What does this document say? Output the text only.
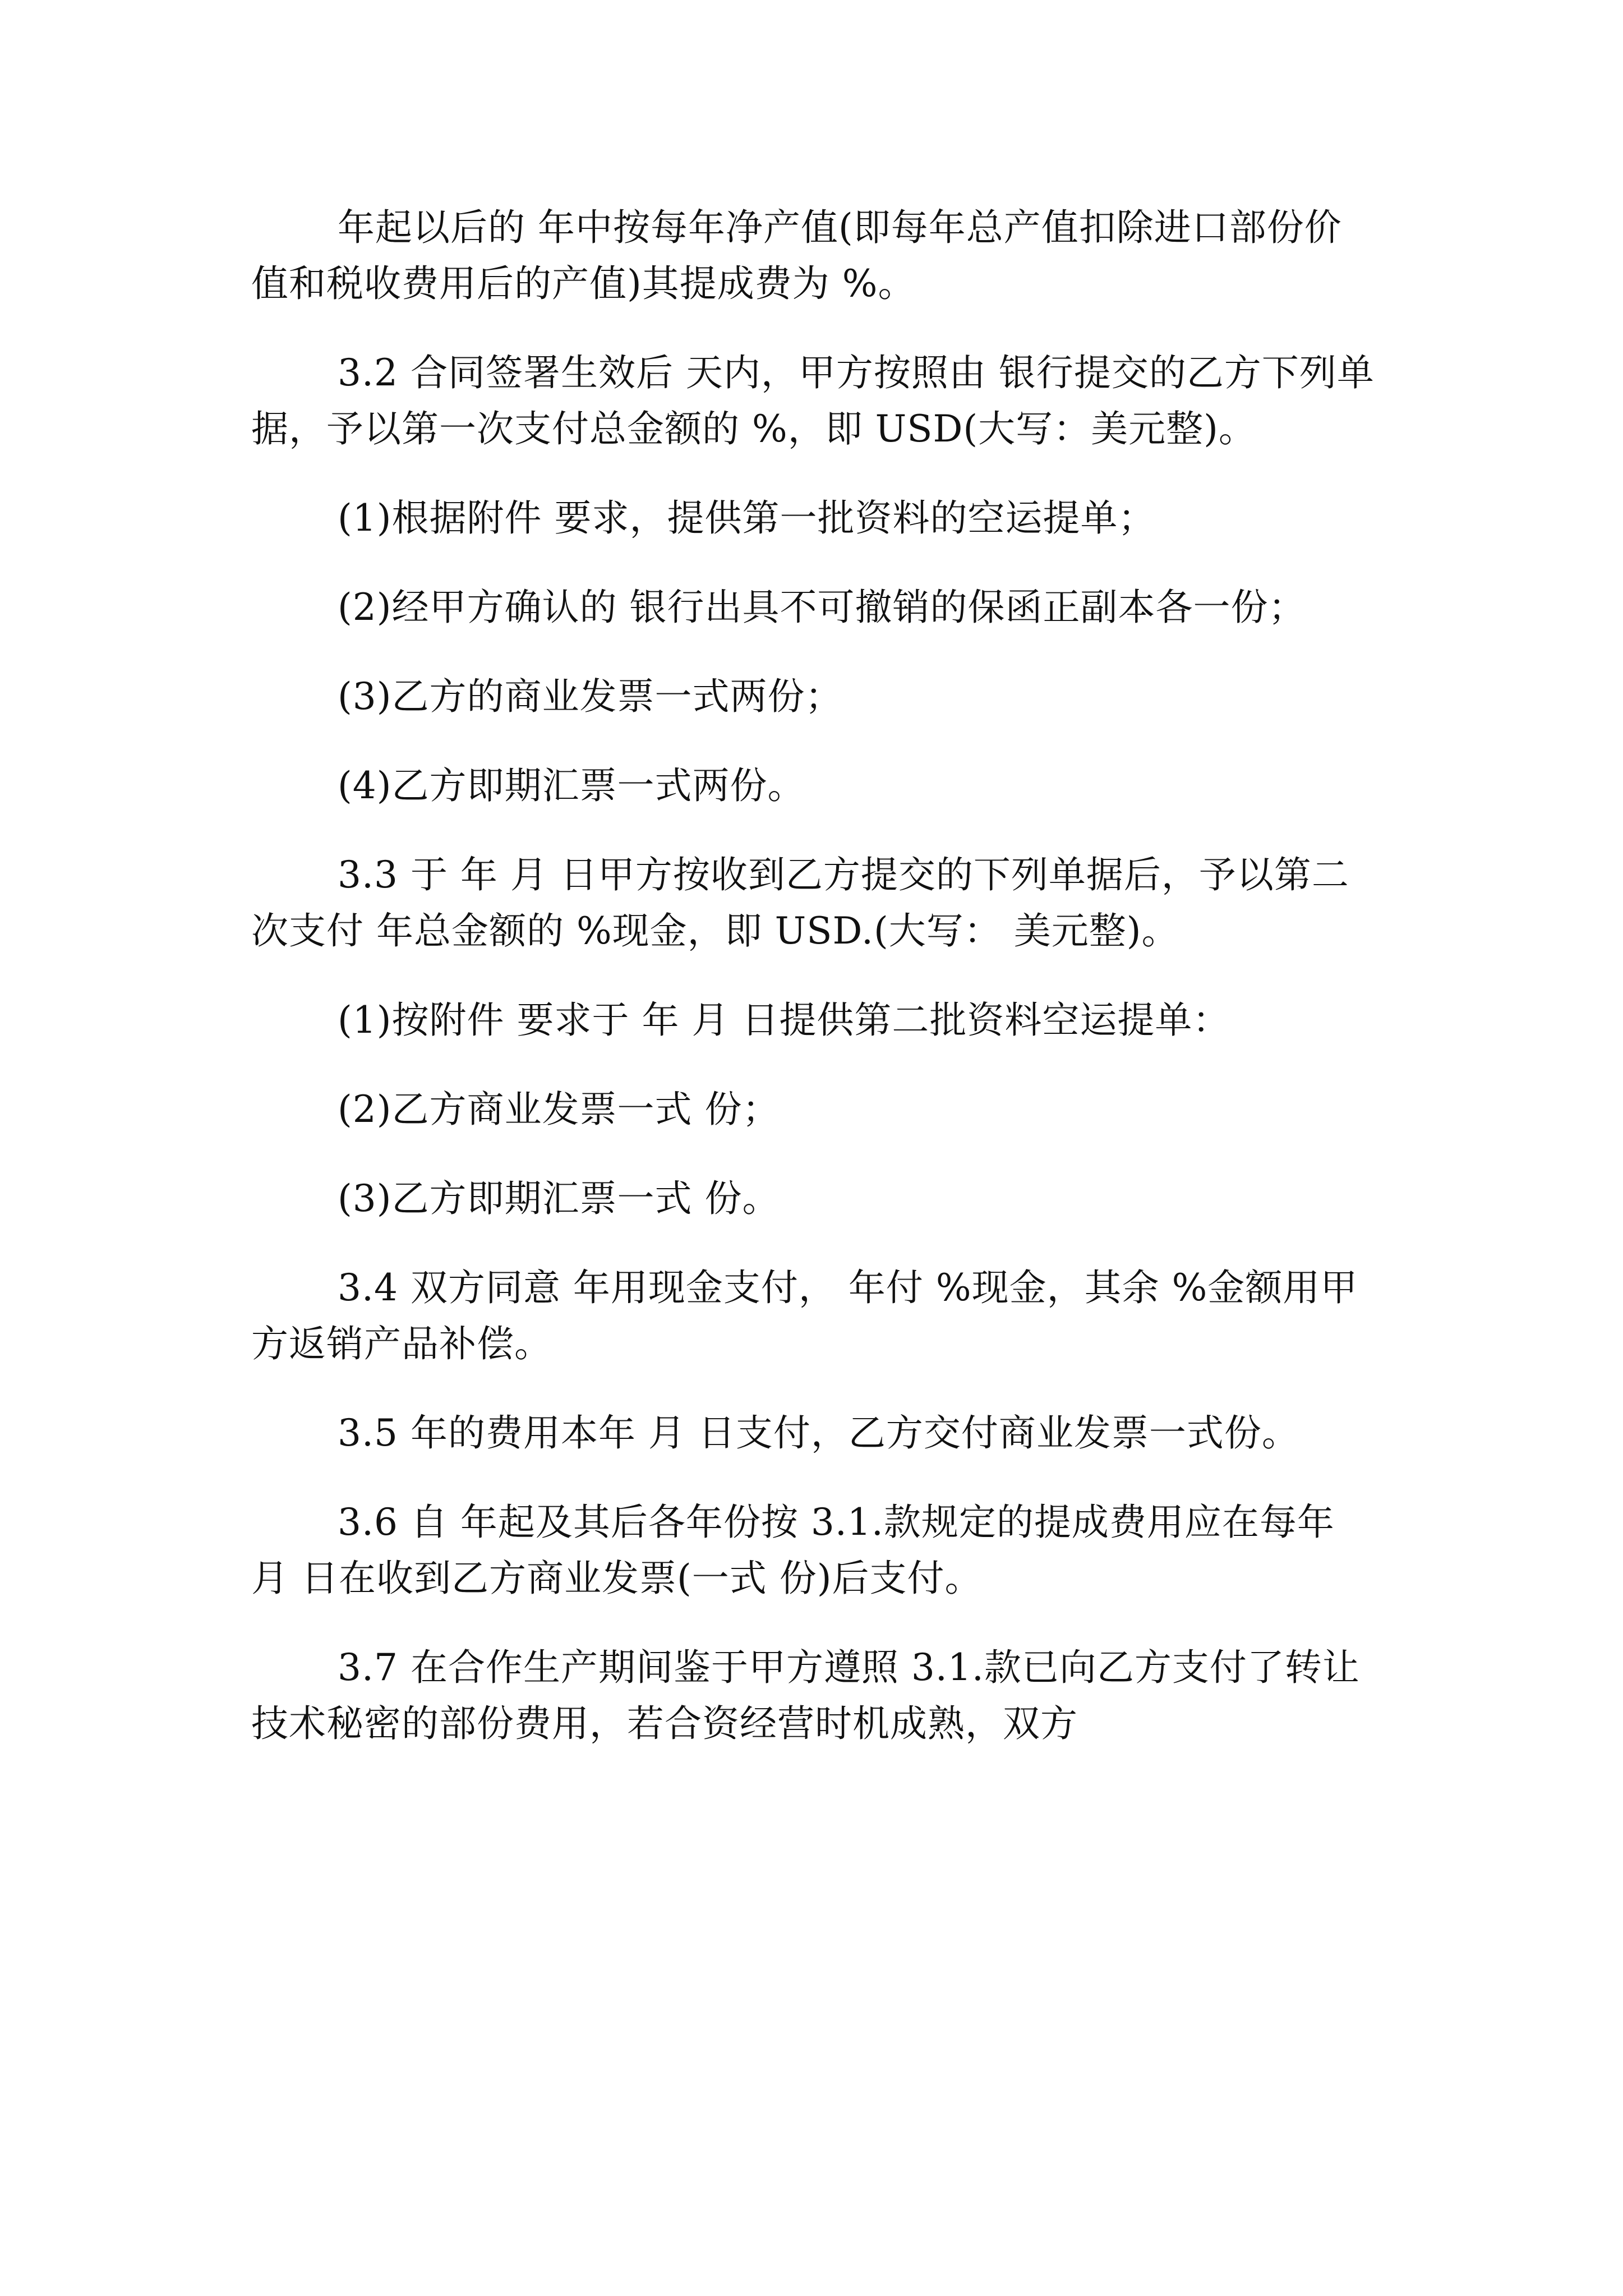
年起以后的 年中按每年净产值(即每年总产值扣除进口部份价值和税收费用后的产值)其提成费为 %。

3.2 合同签署生效后 天内，甲方按照由 银行提交的乙方下列单据，予以第一次支付总金额的 %，即 USD(大写：美元整)。

(1)根据附件 要求，提供第一批资料的空运提单；

(2)经甲方确认的 银行出具不可撤销的保函正副本各一份；

(3)乙方的商业发票一式两份；

(4)乙方即期汇票一式两份。

3.3 于 年 月 日甲方按收到乙方提交的下列单据后，予以第二次支付 年总金额的 %现金，即 USD.(大写： 美元整)。

(1)按附件 要求于 年 月 日提供第二批资料空运提单：

(2)乙方商业发票一式 份；

(3)乙方即期汇票一式 份。

3.4 双方同意 年用现金支付， 年付 %现金，其余 %金额用甲方返销产品补偿。

3.5 年的费用本年 月 日支付，乙方交付商业发票一式份。

3.6 自 年起及其后各年份按 3.1.款规定的提成费用应在每年 月 日在收到乙方商业发票(一式 份)后支付。

3.7 在合作生产期间鉴于甲方遵照 3.1.款已向乙方支付了转让技术秘密的部份费用，若合资经营时机成熟，双方
